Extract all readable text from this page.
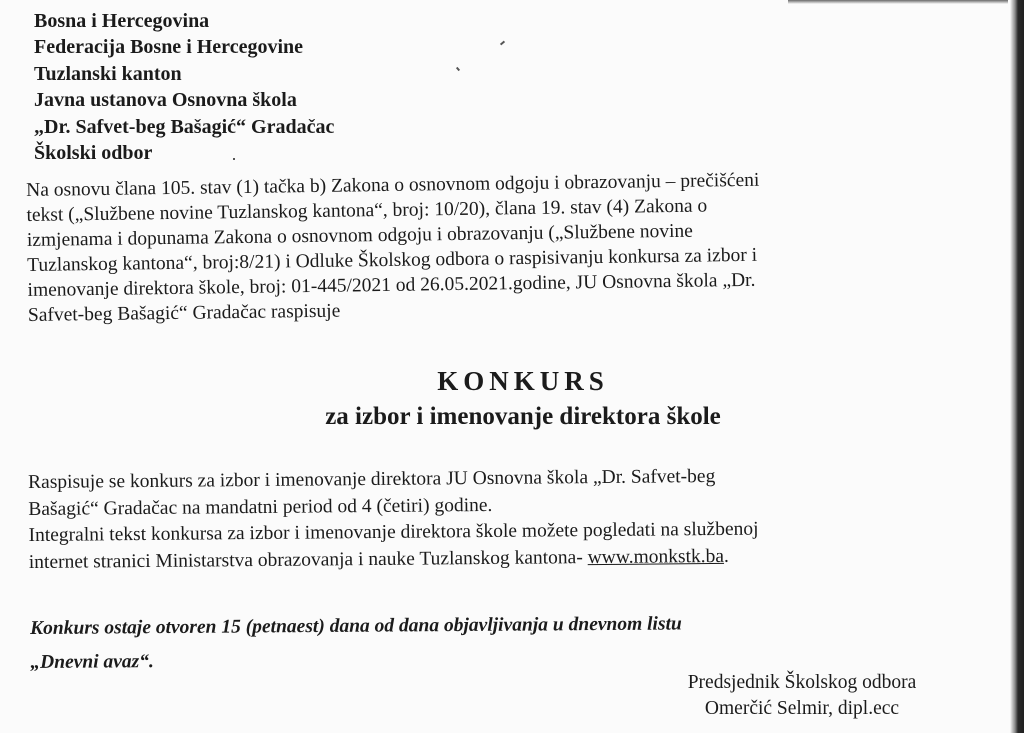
Bosna i Hercegovina
Federacija Bosne i Hercegovine
Tuzlanski kanton
Javna ustanova Osnovna škola
„Dr. Safvet-beg Bašagić“ Gradačac
Školski odbor
Na osnovu člana 105. stav (1) tačka b) Zakona o osnovnom odgoju i obrazovanju – prečišćeni
tekst („Službene novine Tuzlanskog kantona“, broj: 10/20), člana 19. stav (4) Zakona o
izmjenama i dopunama Zakona o osnovnom odgoju i obrazovanju („Službene novine
Tuzlanskog kantona“, broj:8/21) i Odluke Školskog odbora o raspisivanju konkursa za izbor i
imenovanje direktora škole, broj: 01-445/2021 od 26.05.2021.godine, JU Osnovna škola „Dr.
Safvet-beg Bašagić“ Gradačac raspisuje
KONKURS
za izbor i imenovanje direktora škole
Raspisuje se konkurs za izbor i imenovanje direktora JU Osnovna škola „Dr. Safvet-beg
Bašagić“ Gradačac na mandatni period od 4 (četiri) godine.
Integralni tekst konkursa za izbor i imenovanje direktora škole možete pogledati na službenoj
internet stranici Ministarstva obrazovanja i nauke Tuzlanskog kantona- www.monkstk.ba.
Konkurs ostaje otvoren 15 (petnaest) dana od dana objavljivanja u dnevnom listu
„Dnevni avaz“.
Predsjednik Školskog odbora
Omerčić Selmir, dipl.ecc
